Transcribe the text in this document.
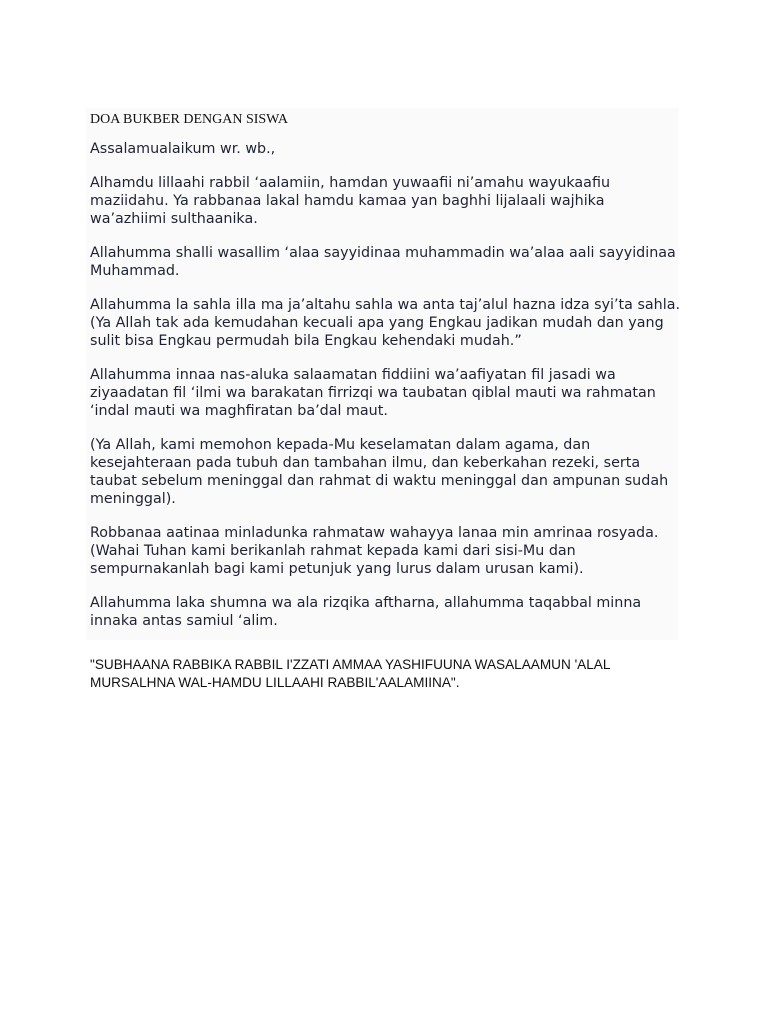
DOA BUKBER DENGAN SISWA

Assalamualaikum wr. wb.,

Alhamdu lillaahi rabbil ‘aalamiin, hamdan yuwaafii ni’amahu wayukaafiu maziidahu. Ya rabbanaa lakal hamdu kamaa yan baghhi lijalaali wajhika wa’azhiimi sulthaanika.

Allahumma shalli wasallim ‘alaa sayyidinaa muhammadin wa’alaa aali sayyidinaa Muhammad.

Allahumma la sahla illa ma ja’altahu sahla wa anta taj’alul hazna idza syi’ta sahla.(Ya Allah tak ada kemudahan kecuali apa yang Engkau jadikan mudah dan yang sulit bisa Engkau permudah bila Engkau kehendaki mudah.”

Allahumma innaa nas-aluka salaamatan fiddiini wa’aafiyatan fil jasadi wa ziyaadatan fil ‘ilmi wa barakatan firrizqi wa taubatan qiblal mauti wa rahmatan ‘indal mauti wa maghfiratan ba’dal maut.

(Ya Allah, kami memohon kepada-Mu keselamatan dalam agama, dan kesejahteraan pada tubuh dan tambahan ilmu, dan keberkahan rezeki, serta taubat sebelum meninggal dan rahmat di waktu meninggal dan ampunan sudah meninggal).

Robbanaa aatinaa minladunka rahmataw wahayya lanaa min amrinaa rosyada. (Wahai Tuhan kami berikanlah rahmat kepada kami dari sisi-Mu dan sempurnakanlah bagi kami petunjuk yang lurus dalam urusan kami).

Allahumma laka shumna wa ala rizqika aftharna, allahumma taqabbal minna innaka antas samiul ‘alim.

"SUBHAANA RABBIKA RABBIL I'ZZATI AMMAA YASHIFUUNA WASALAAMUN 'ALAL MURSALHNA WAL-HAMDU LILLAAHI RABBIL'AALAMIINA".
